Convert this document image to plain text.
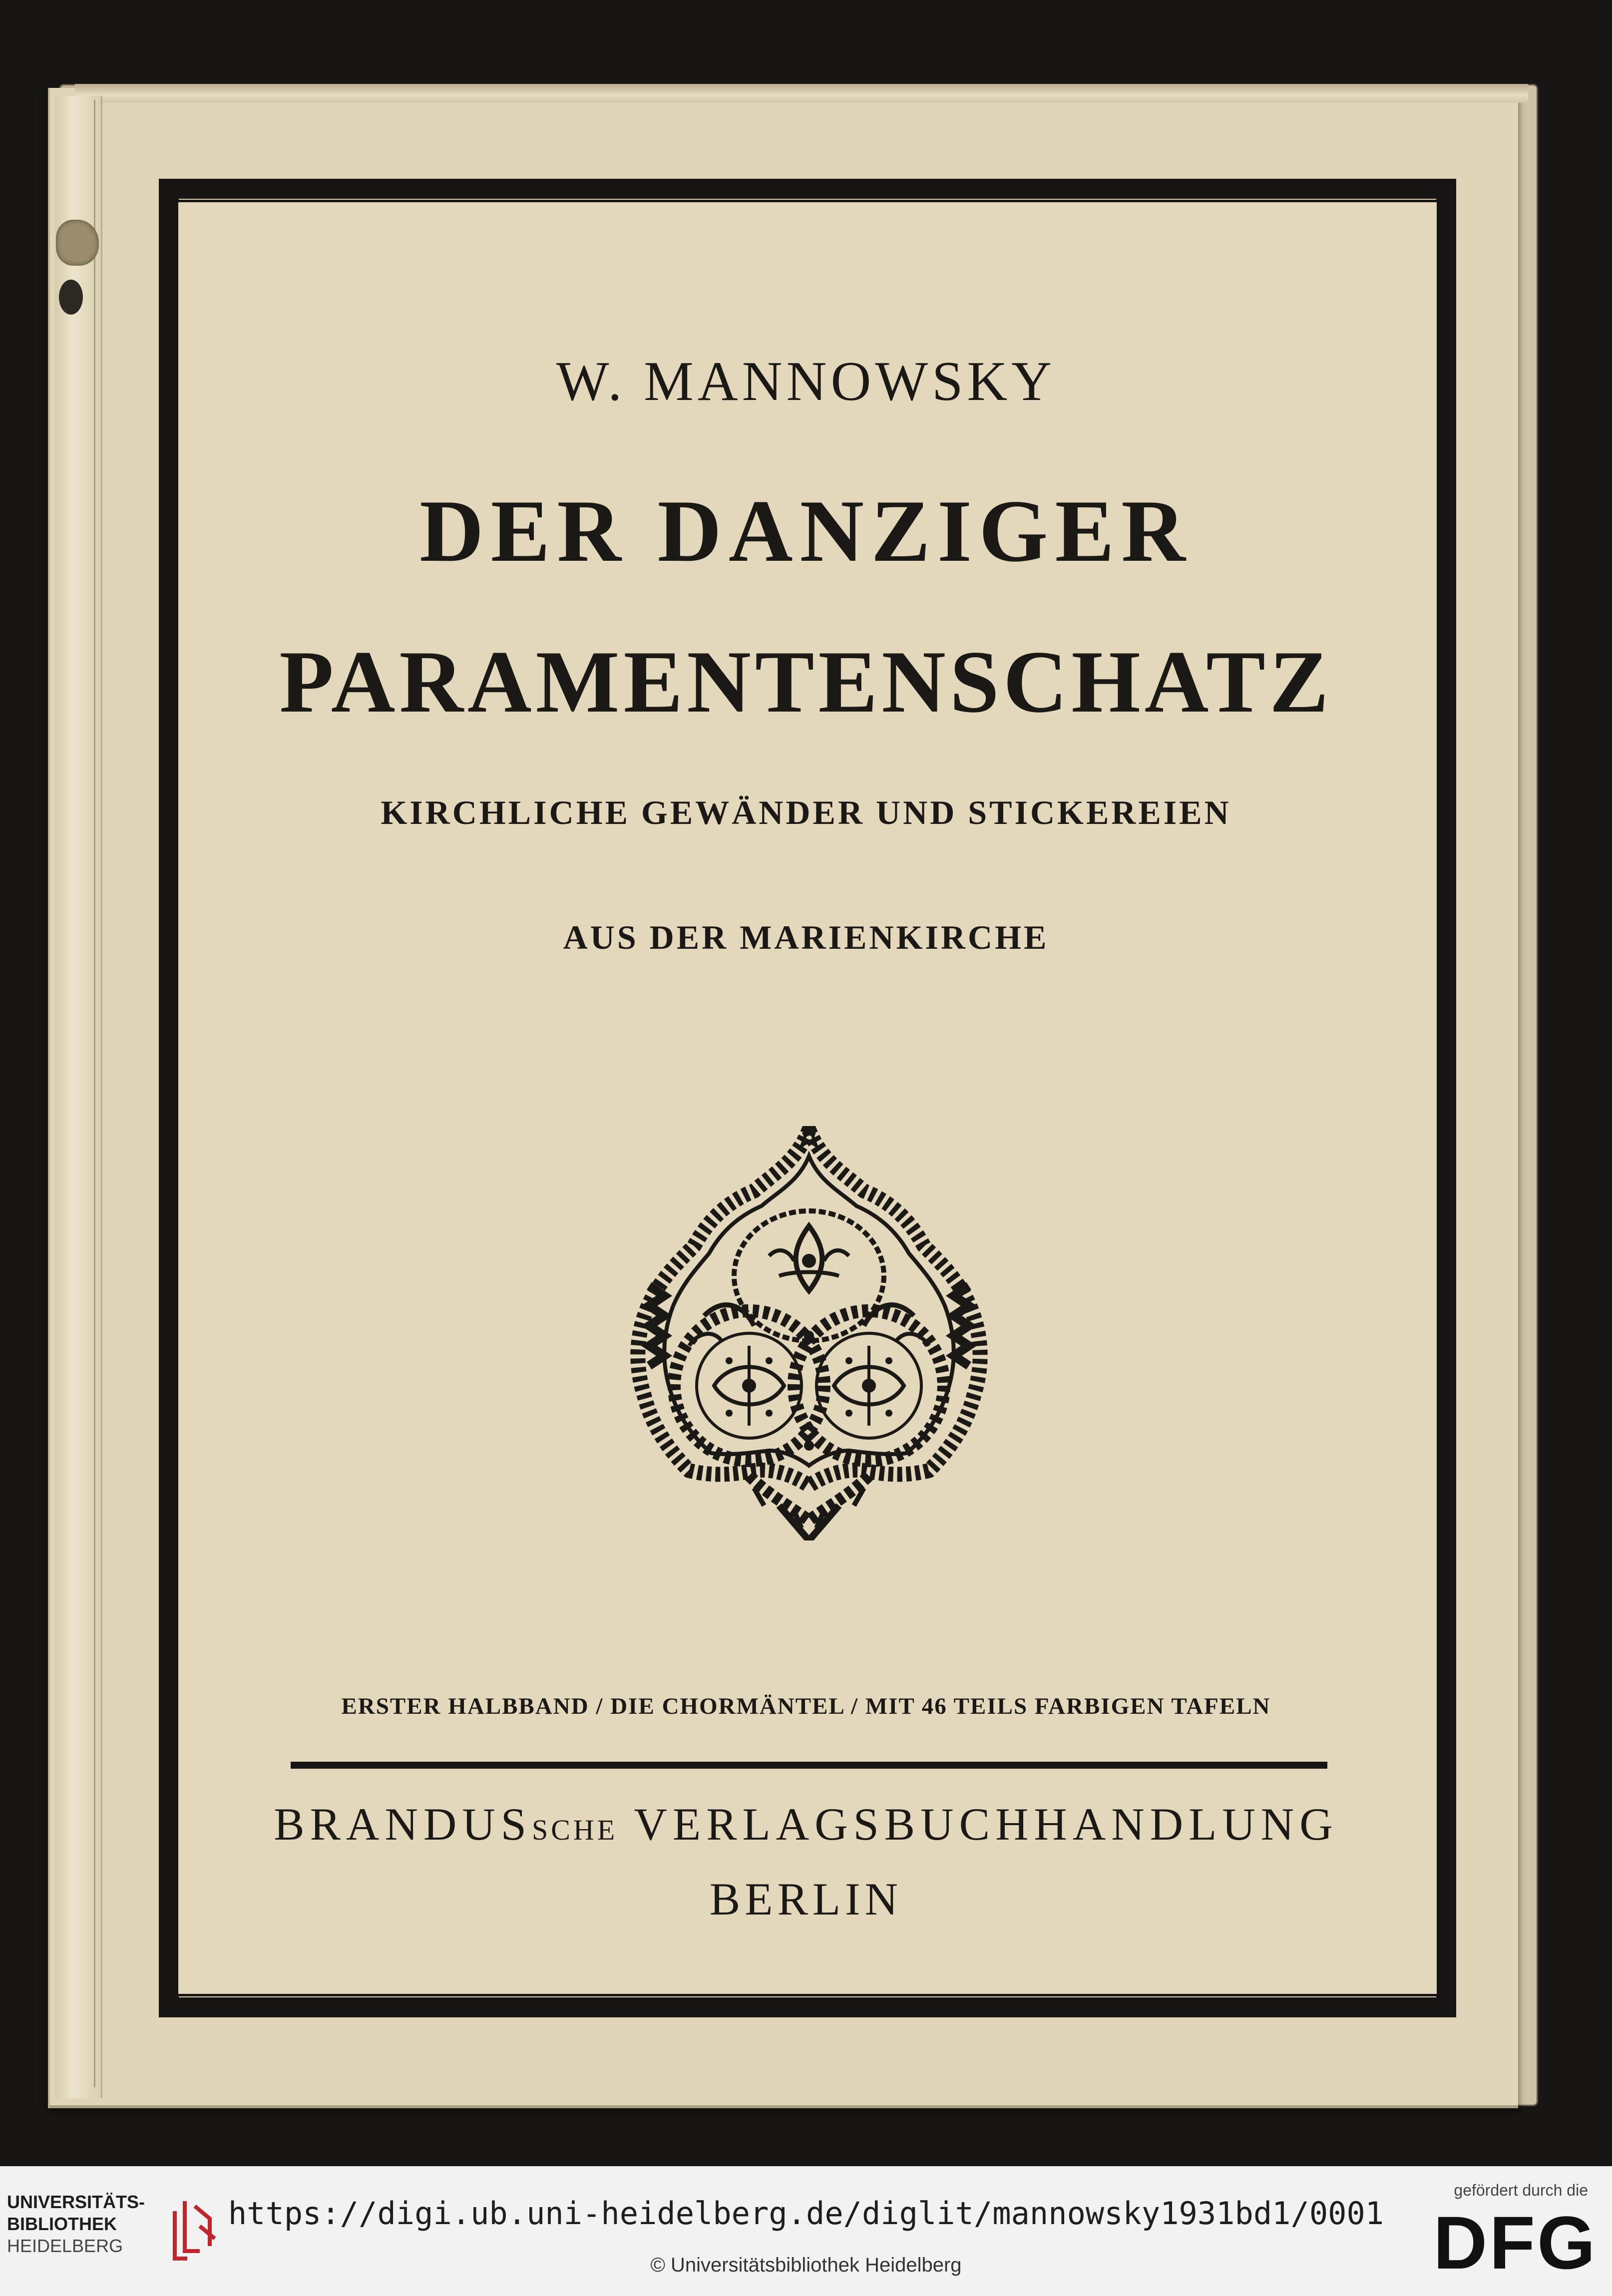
W. MANNOWSKY
DER DANZIGER
PARAMENTENSCHATZ
KIRCHLICHE GEWÄNDER UND STICKEREIEN
AUS DER MARIENKIRCHE
ERSTER HALBBAND / DIE CHORMÄNTEL / MIT 46 TEILS FARBIGEN TAFELN
BRANDUSSCHE VERLAGSBUCHHANDLUNG
BERLIN
UNIVERSITÄTS-
BIBLIOTHEK
HEIDELBERG
https://digi.ub.uni-heidelberg.de/diglit/mannowsky1931bd1/0001
© Universitätsbibliothek Heidelberg
gefördert durch die
DFG
